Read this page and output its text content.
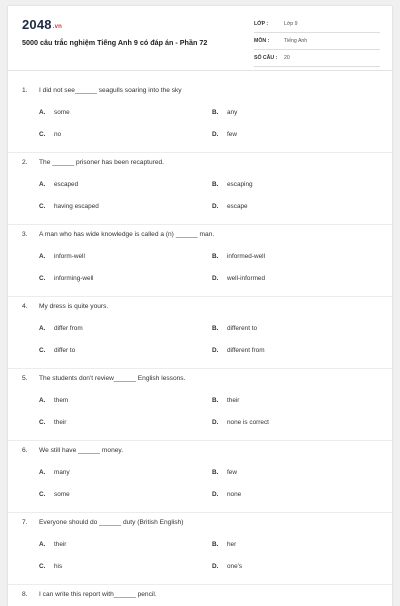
2048.vn
5000 câu trắc nghiệm Tiếng Anh 9 có đáp án - Phần 72
LỚP :	Lớp 9
MÔN :	Tiếng Anh
SỐ CÂU :	20
1. I did not see______ seagulls soaring into the sky
A. some	B. any
C. no	D. few
2. The ______ prisoner has been recaptured.
A. escaped	B. escaping
C. having escaped	D. escape
3. A man who has wide knowledge is called a (n) ______ man.
A. inform-well	B. informed-well
C. informing-well	D. well-informed
4. My dress is quite yours.
A. differ from	B. different to
C. differ to	D. different from
5. The students don't review______ English lessons.
A. them	B. their
C. their	D. none is correct
6. We still have ______ money.
A. many	B. few
C. some	D. none
7. Everyone should do ______ duty (British English)
A. their	B. her
C. his	D. one's
8. I can write this report with______ pencil.
